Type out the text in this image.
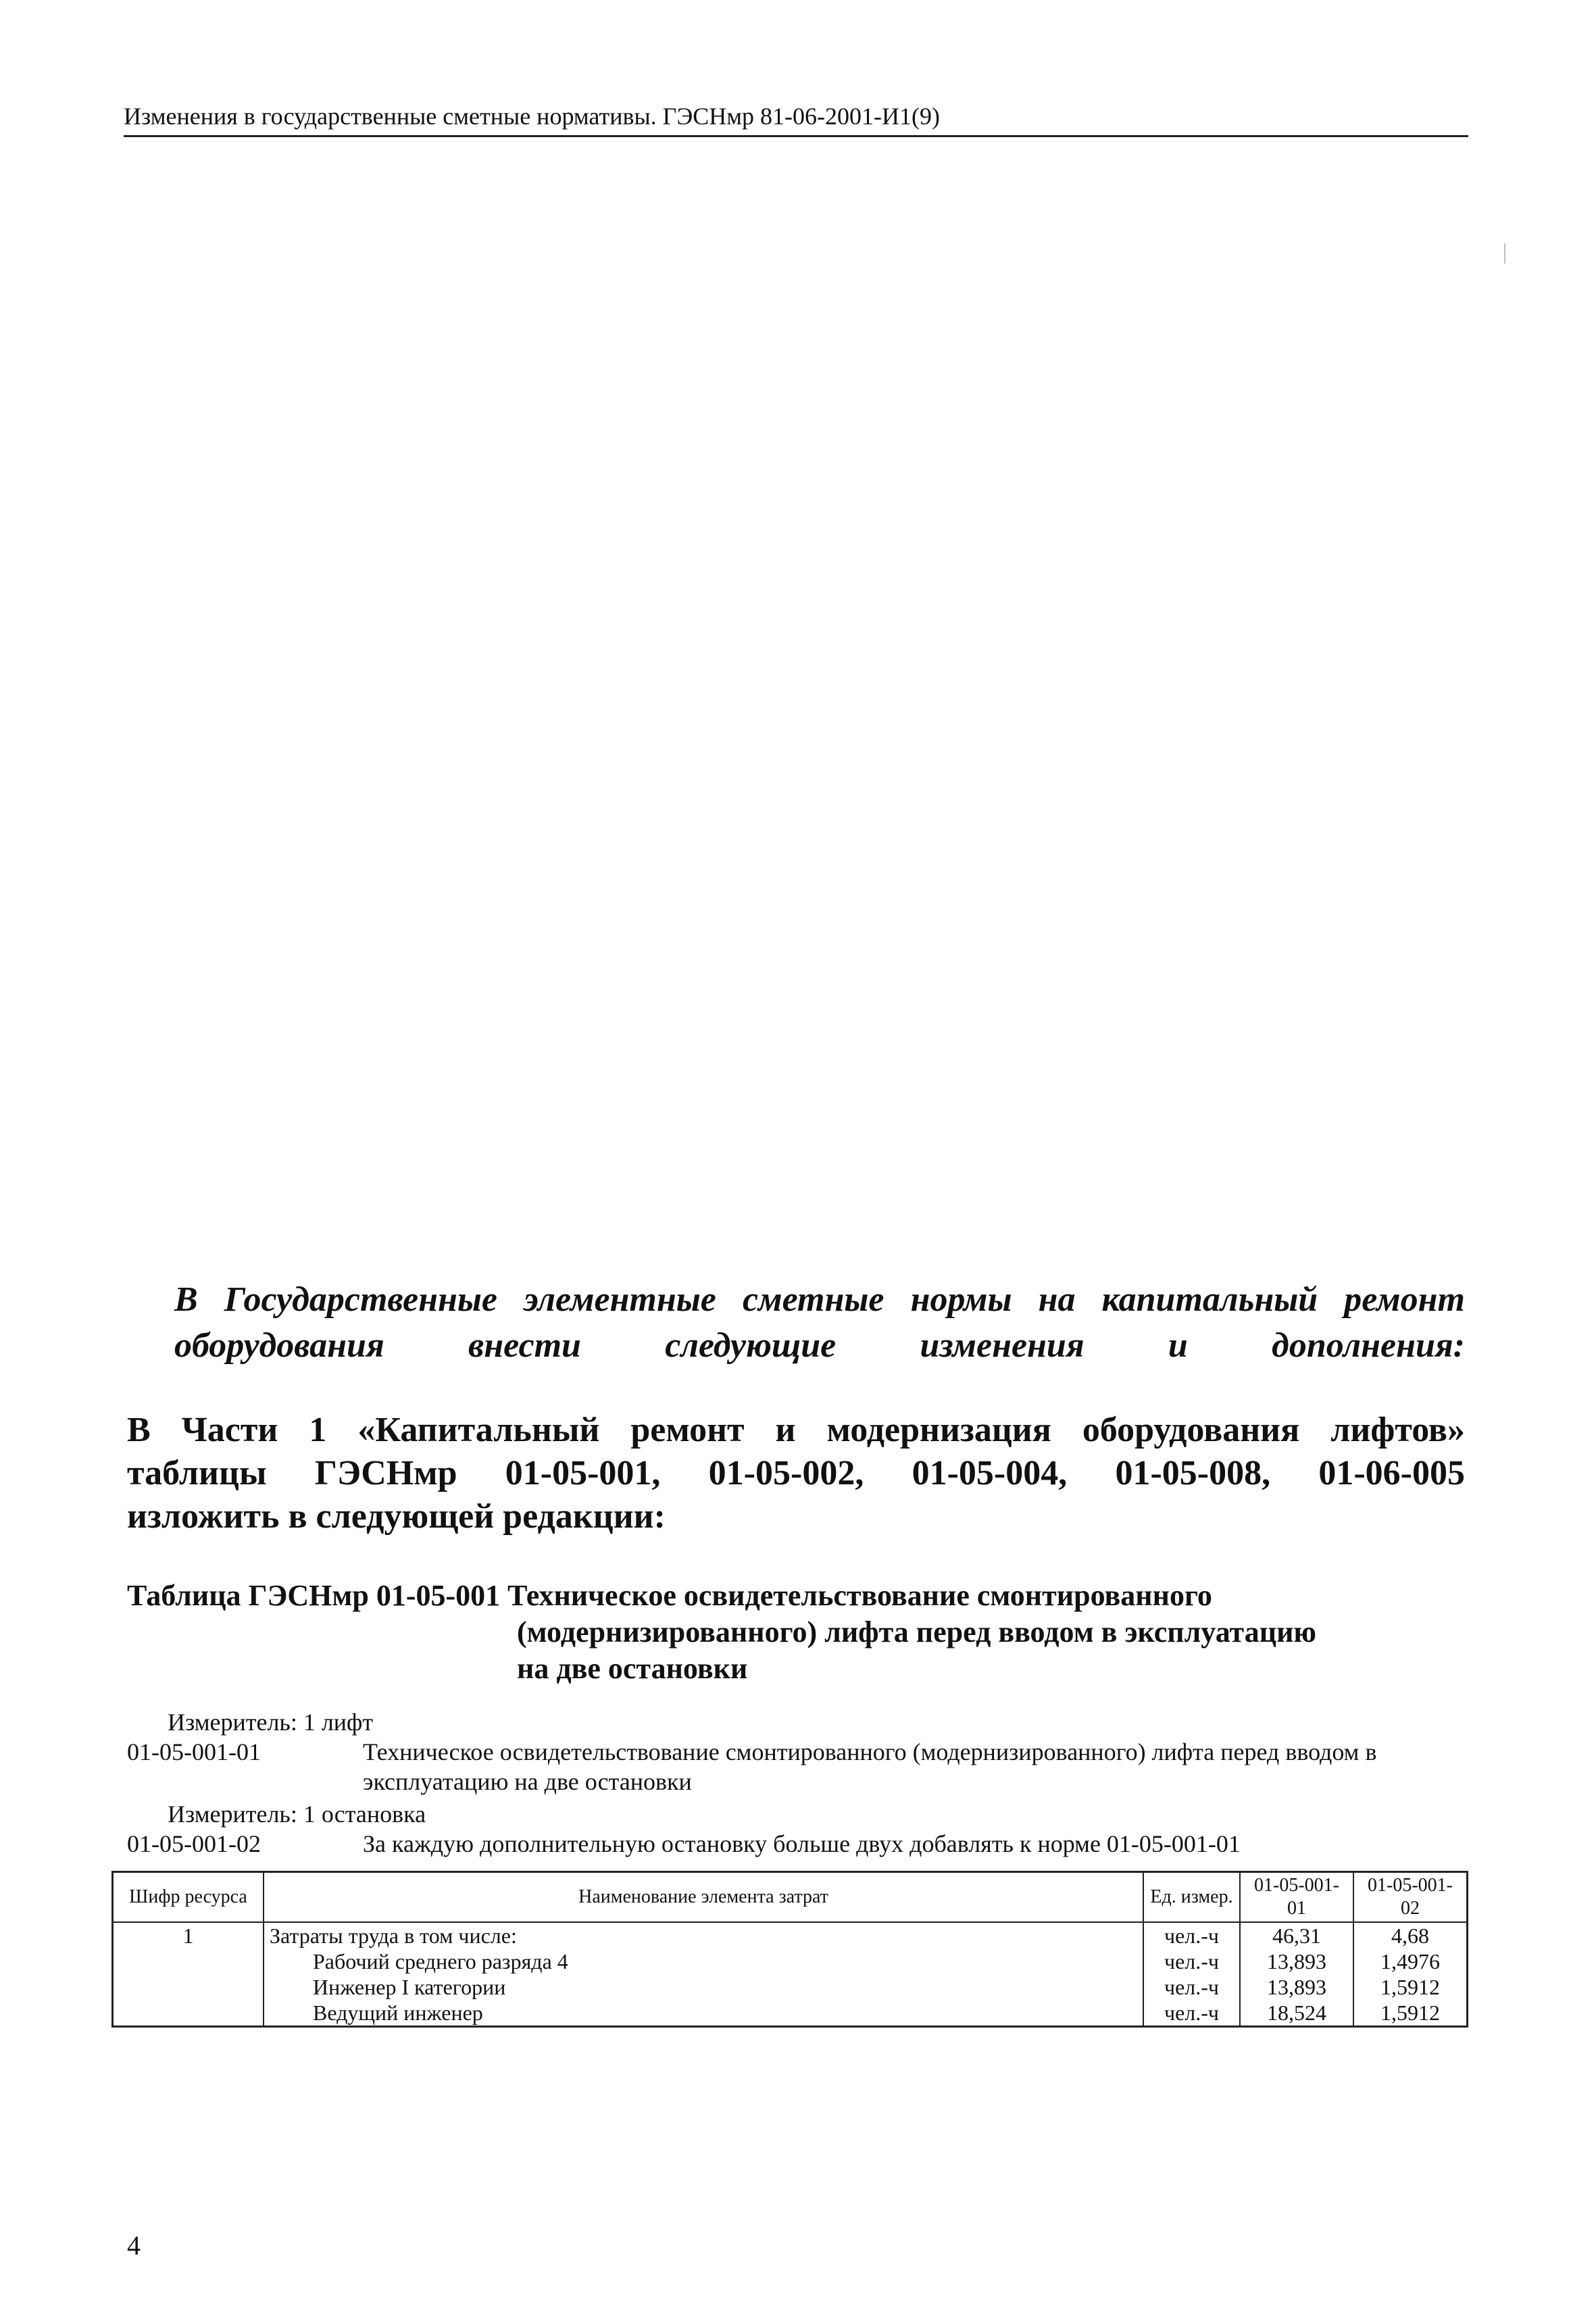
Изменения в государственные сметные нормативы. ГЭСНмр 81-06-2001-И1(9)
В Государственные элементные сметные нормы на капитальный ремонт
оборудования внести следующие изменения и дополнения:
В Части 1 «Капитальный ремонт и модернизация оборудования лифтов»
таблицы ГЭСНмр 01-05-001, 01-05-002, 01-05-004, 01-05-008, 01-06-005
изложить в следующей редакции:
Таблица ГЭСНмр 01-05-001 Техническое освидетельствование смонтированного
(модернизированного) лифта перед вводом в эксплуатацию
на две остановки
Измеритель: 1 лифт
01-05-001-01	Техническое освидетельствование смонтированного (модернизированного) лифта перед вводом в эксплуатацию на две остановки
Измеритель: 1 остановка
01-05-001-02	За каждую дополнительную остановку больше двух добавлять к норме 01-05-001-01
Шифр ресурса	Наименование элемента затрат	Ед. измер.	01-05-001-01	01-05-001-02
1	Затраты труда в том числе:	чел.-ч	46,31	4,68
	Рабочий среднего разряда 4	чел.-ч	13,893	1,4976
	Инженер I категории	чел.-ч	13,893	1,5912
	Ведущий инженер	чел.-ч	18,524	1,5912
4
